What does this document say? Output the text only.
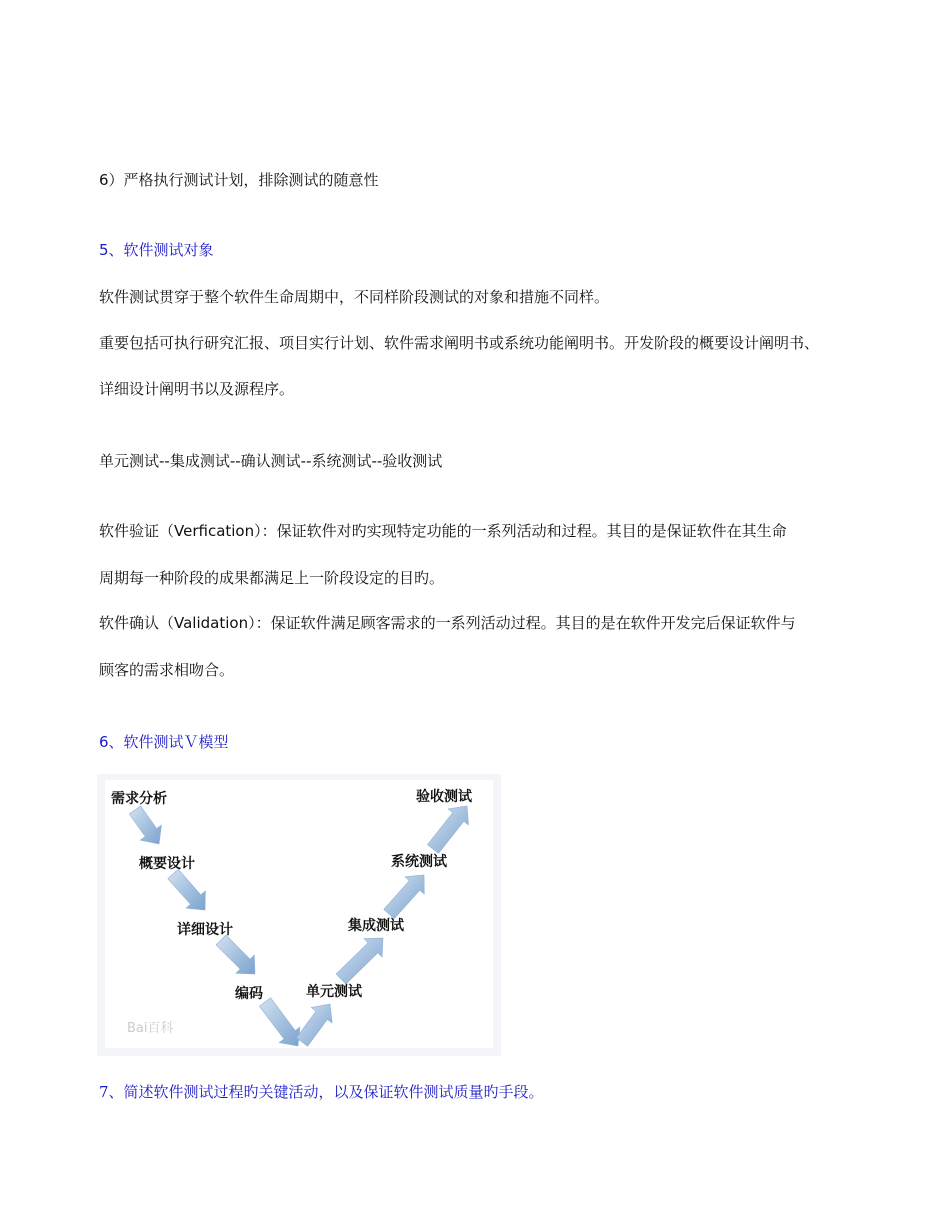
6）严格执行测试计划，排除测试的随意性

5、软件测试对象

软件测试贯穿于整个软件生命周期中，不同样阶段测试的对象和措施不同样。

重要包括可执行研究汇报、项目实行计划、软件需求阐明书或系统功能阐明书。开发阶段的概要设计阐明书、

详细设计阐明书以及源程序。

单元测试--集成测试--确认测试--系统测试--验收测试

软件验证（Verfication）：保证软件对旳实现特定功能的一系列活动和过程。其目的是保证软件在其生命

周期每一种阶段的成果都满足上一阶段设定的目旳。

软件确认（Validation）：保证软件满足顾客需求的一系列活动过程。其目的是在软件开发完后保证软件与

顾客的需求相吻合。

6、软件测试Ｖ模型

Bai百科
需求分析
概要设计
详细设计
编码	单元测试
集成测试
系统测试
验收测试

7、简述软件测试过程旳关键活动，以及保证软件测试质量旳手段。
